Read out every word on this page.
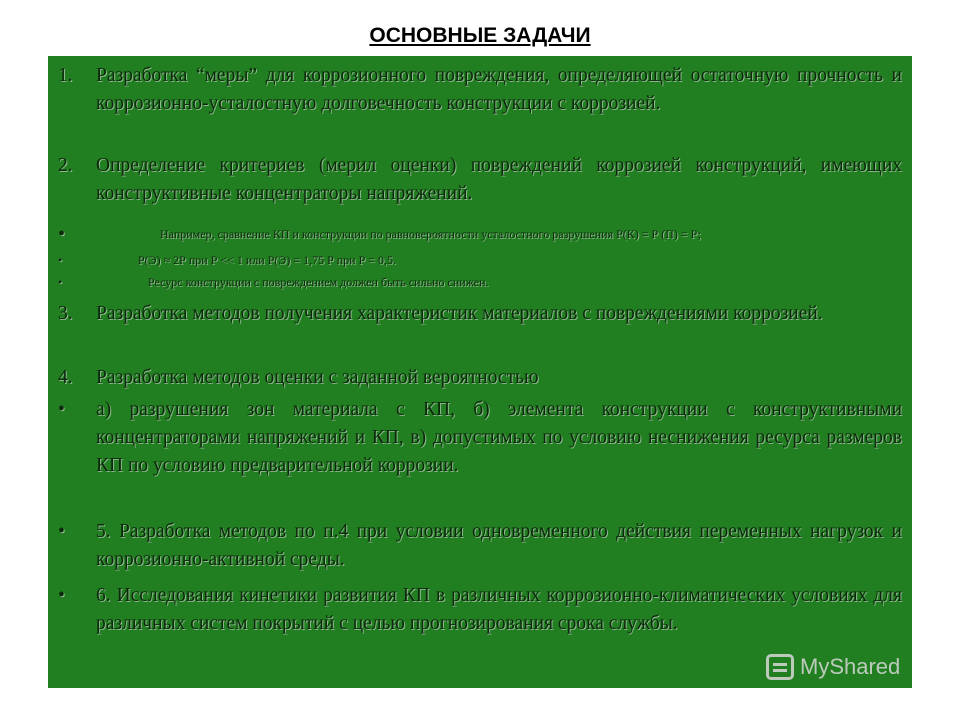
ОСНОВНЫЕ ЗАДАЧИ
1. Разработка “меры” для коррозионного повреждения, определяющей остаточную прочность и коррозионно-усталостную долговечность конструкции с коррозией.
2. Определение критериев (мерил оценки) повреждений коррозией конструкций, имеющих конструктивные концентраторы напряжений.
•	Например, сравнение КП и конструкции по равновероятности усталостного разрушения Р(К) = Р (П) = Р;
•	Р(Э) ≈ 2Р при Р << 1 или Р(Э) = 1,75 Р при Р = 0,5.
•	Ресурс конструкции с повреждением должен быть сильно снижен.
3. Разработка методов получения характеристик материалов с повреждениями коррозией.
4. Разработка методов оценки с заданной вероятностью
• а) разрушения зон материала с КП, б) элемента конструкции с конструктивными концентраторами напряжений и КП, в) допустимых по условию неснижения ресурса размеров КП по условию предварительной коррозии.
• 5. Разработка методов по п.4 при условии одновременного действия переменных нагрузок и коррозионно-активной среды.
• 6. Исследования кинетики развития КП в различных коррозионно-климатических условиях для различных систем покрытий с целью прогнозирования срока службы.
MyShared
